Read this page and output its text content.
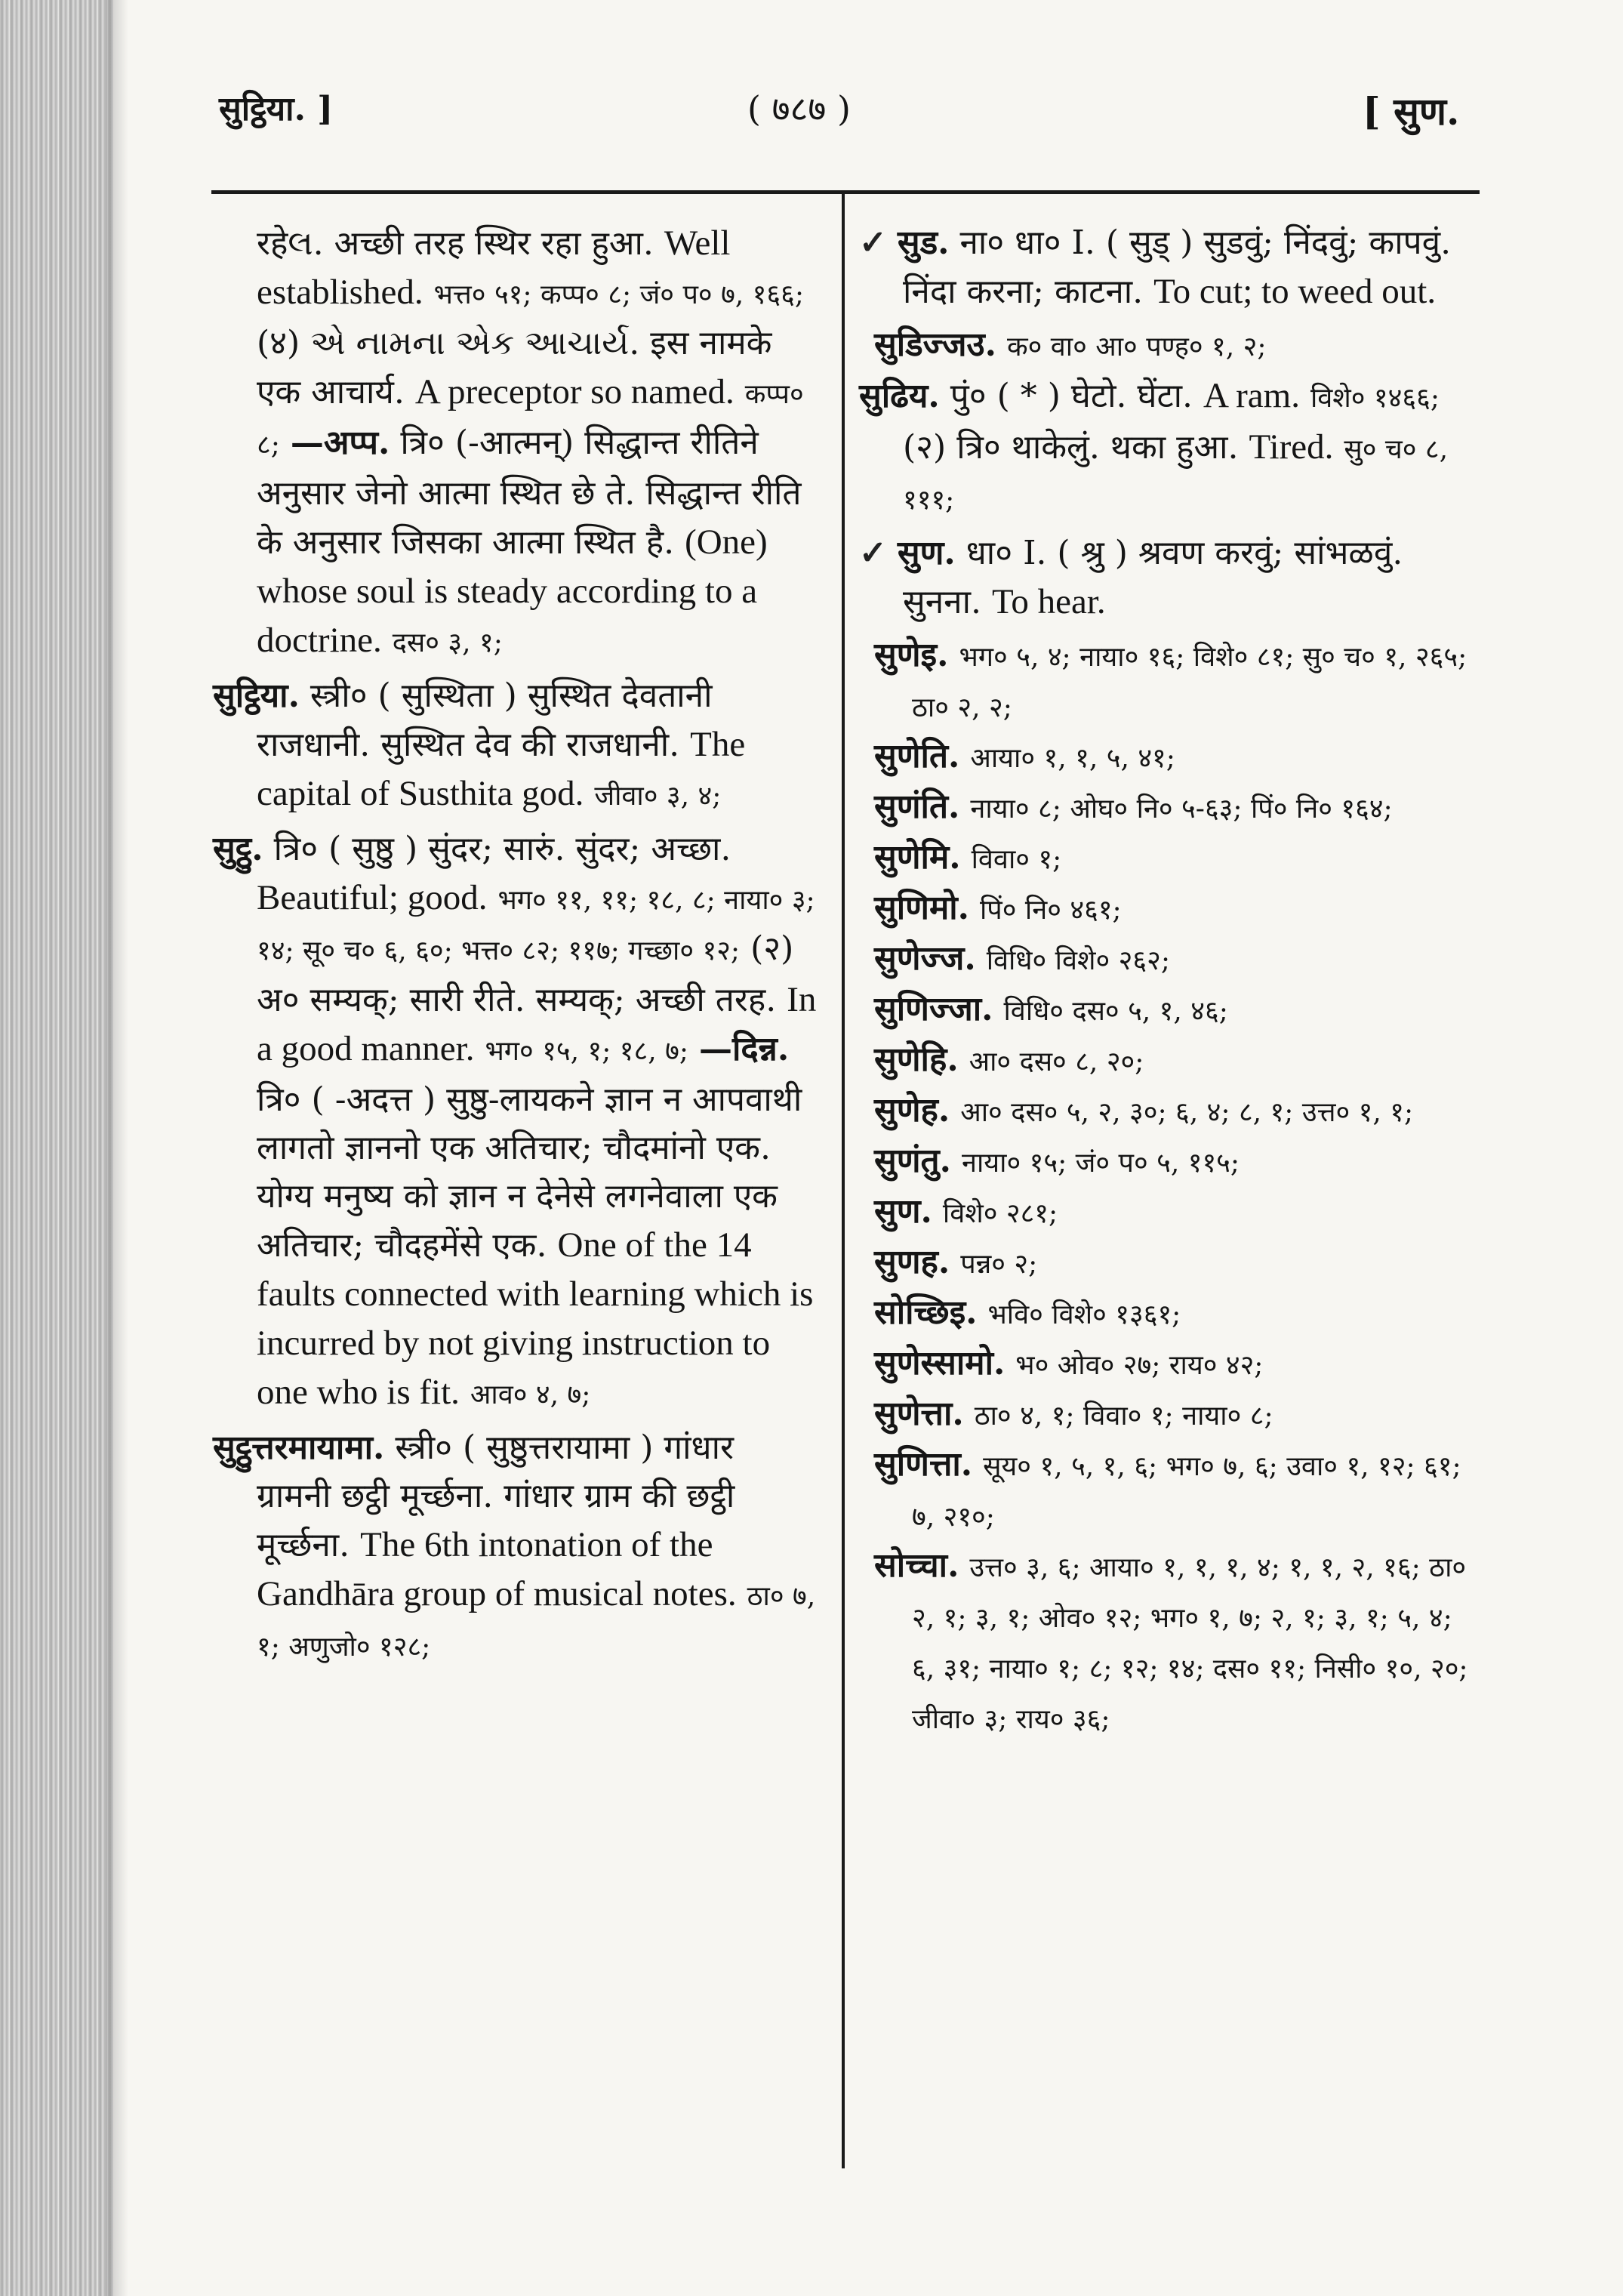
सुट्ठिया. ]	( ७८७ )	[ सुण.
रहेલ. अच्छी तरह स्थिर रहा हुआ. Well established. भत्त० ५१; कप्प० ८; जं० प० ७, १६६; (४) એ નામના એક આચાર્ય. इस नामके एक आचार्य. A preceptor so named. कप्प० ८; —अप्प. त्रि० (-आत्मन्) सिद्धान्त रीतिने अनुसार जेनो आत्मा स्थित छे ते. सिद्धान्त रीति के अनुसार जिसका आत्मा स्थित है. (One) whose soul is steady according to a doctrine. दस० ३, १;
सुट्ठिया. स्त्री० ( सुस्थिता ) सुस्थित देवतानी राजधानी. सुस्थित देव की राजधानी. The capital of Susthita god. जीवा० ३, ४;
सुट्ठु. त्रि० ( सुष्ठु ) सुंदर; सारुं. सुंदर; अच्छा. Beautiful; good. भग० ११, ११; १८, ८; नाया० ३; १४; सू० च० ६, ६०; भत्त० ८२; ११७; गच्छा० १२; (२) अ० सम्यक्; सारी रीते. सम्यक्; अच्छी तरह. In a good manner. भग० १५, १; १८, ७; —दिन्न. त्रि० ( -अदत्त ) सुष्ठु-लायकने ज्ञान न आपवाथी लागतो ज्ञाननो एक अतिचार; चौदमांनो एक. योग्य मनुष्य को ज्ञान न देनेसे लगनेवाला एक अतिचार; चौदहमेंसे एक. One of the 14 faults connected with learning which is incurred by not giving instruction to one who is fit. आव० ४, ७;
सुट्ठुत्तरमायामा. स्त्री० ( सुष्ठुत्तरायामा ) गांधार ग्रामनी छट्ठी मूर्च्छना. गांधार ग्राम की छट्ठी मूर्च्छना. The 6th intonation of the Gandhāra group of musical notes. ठा० ७, १; अणुजो० १२८;
✓ सुड. ना० धा० I. ( सुड् ) सुडवुं; निंदवुं; कापवुं. निंदा करना; काटना. To cut; to weed out.
सुडिज्जउ. क० वा० आ० पण्ह० १, २;
सुढिय. पुं० ( * ) घेटो. घेंटा. A ram. विशे० १४६६; (२) त्रि० थाकेलुं. थका हुआ. Tired. सु० च० ८, १११;
✓ सुण. धा० I. ( श्रु ) श्रवण करवुं; सांभळवुं. सुनना. To hear.
सुणेइ. भग० ५, ४; नाया० १६; विशे० ८१; सु० च० १, २६५; ठा० २, २;
सुणेति. आया० १, १, ५, ४१;
सुणंति. नाया० ८; ओघ० नि० ५-६३; पिं० नि० १६४;
सुणेमि. विवा० १;
सुणिमो. पिं० नि० ४६१;
सुणेज्ज. विधि० विशे० २६२;
सुणिज्जा. विधि० दस० ५, १, ४६;
सुणेहि. आ० दस० ८, २०;
सुणेह. आ० दस० ५, २, ३०; ६, ४; ८, १; उत्त० १, १;
सुणंतु. नाया० १५; जं० प० ५, ११५;
सुण. विशे० २८१;
सुणह. पन्न० २;
सोच्छिइ. भवि० विशे० १३६१;
सुणेस्सामो. भ० ओव० २७; राय० ४२;
सुणेत्ता. ठा० ४, १; विवा० १; नाया० ८;
सुणित्ता. सूय० १, ५, १, ६; भग० ७, ६; उवा० १, १२; ६१; ७, २१०;
सोच्चा. उत्त० ३, ६; आया० १, १, १, ४; १, १, २, १६; ठा० २, १; ३, १; ओव० १२; भग० १, ७; २, १; ३, १; ५, ४; ६, ३१; नाया० १; ८; १२; १४; दस० ११; निसी० १०, २०; जीवा० ३; राय० ३६;
